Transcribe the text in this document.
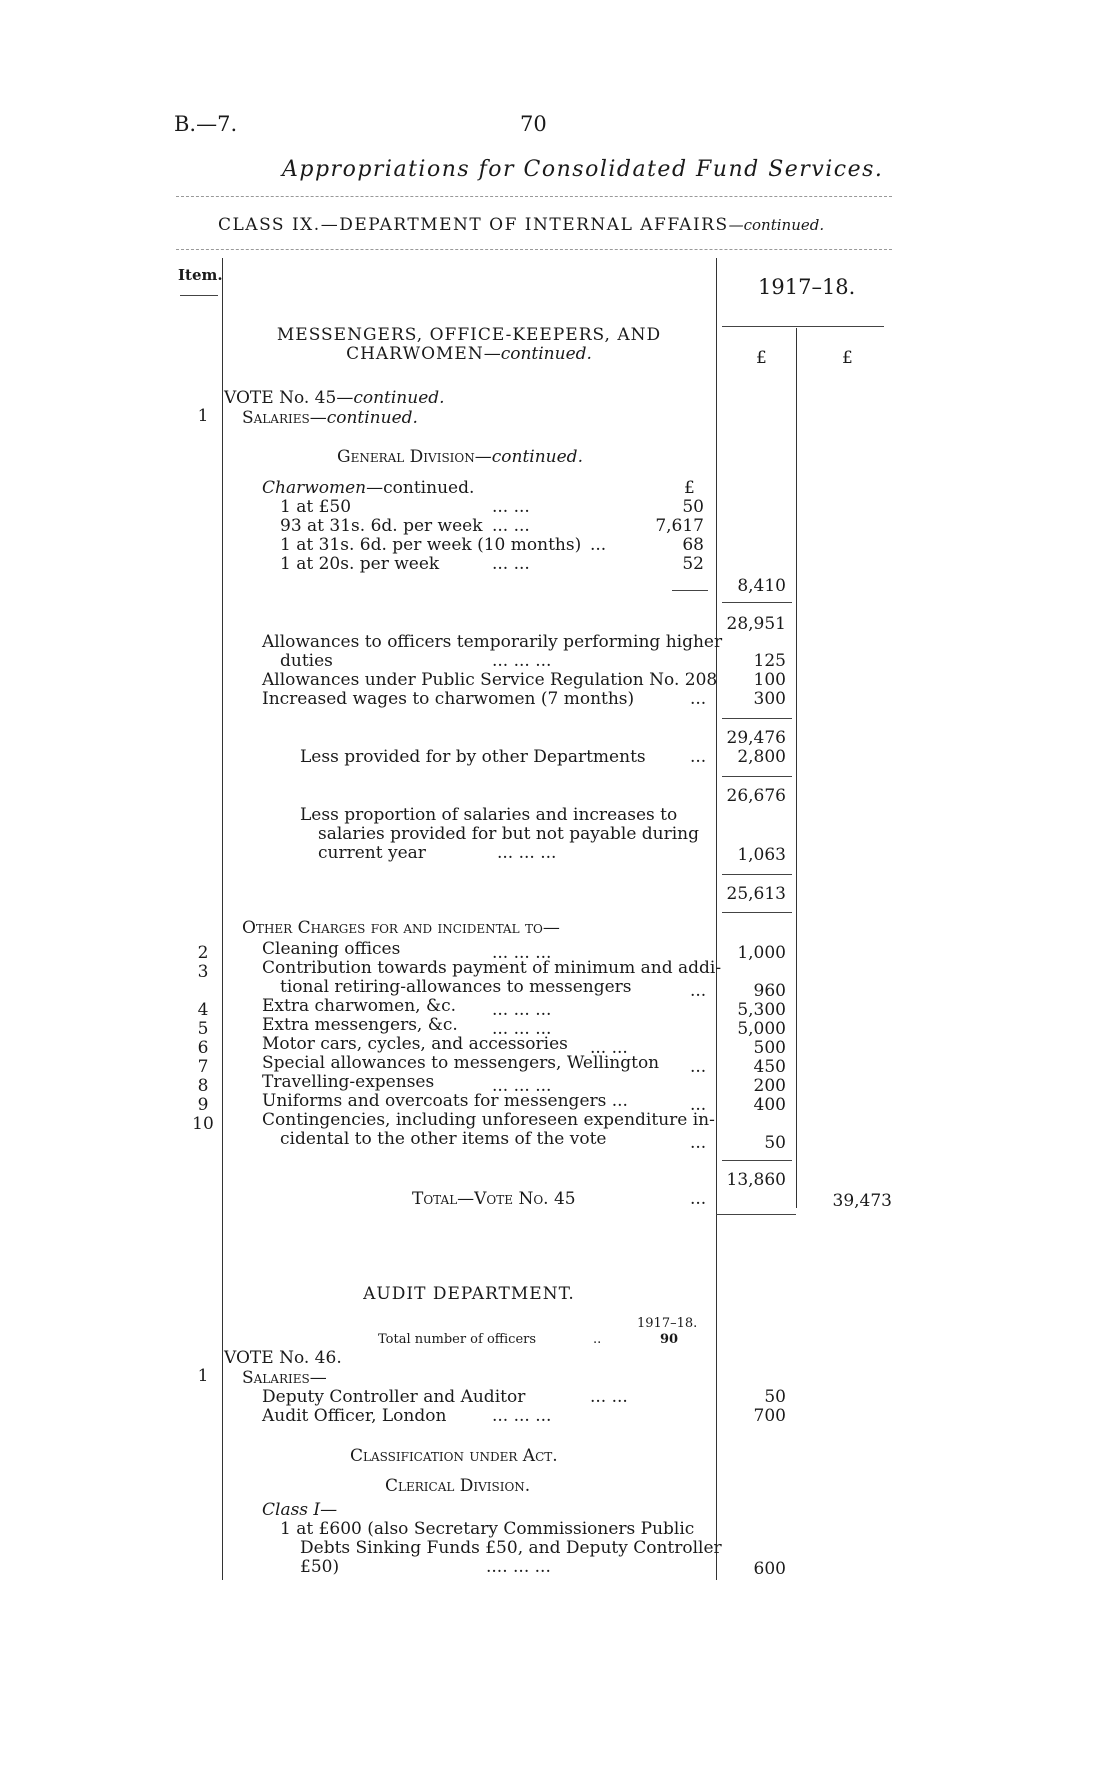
B.—7.	70
Appropriations for Consolidated Fund Services.
CLASS IX.—DEPARTMENT OF INTERNAL AFFAIRS—continued.
Item.	1917–18.
£	£
MESSENGERS, OFFICE-KEEPERS, AND
CHARWOMEN—continued.
VOTE No. 45—continued.
1	Salaries—continued.
General Division—continued.
Charwomen—continued.	£
1 at £50	... ...	50
93 at 31s. 6d. per week ... ...	7,617
1 at 31s. 6d. per week (10 months) ...	68
1 at 20s. per week	... ...	52
8,410
28,951
Allowances to officers temporarily performing higher
duties	... ... ...	125
Allowances under Public Service Regulation No. 208	100
Increased wages to charwomen (7 months)	...	300
29,476
Less provided for by other Departments	...	2,800
26,676
Less proportion of salaries and increases to
salaries provided for but not payable during
current year	... ... ...	1,063
25,613
Other Charges for and incidental to—
2	Cleaning offices	... ... ...	1,000
3	Contribution towards payment of minimum and addi-
tional retiring-allowances to messengers	...	960
4	Extra charwomen, &c. ... ... ...	5,300
5	Extra messengers, &c. ... ... ...	5,000
6	Motor cars, cycles, and accessories ... ...	500
7	Special allowances to messengers, Wellington ...	450
8	Travelling-expenses	... ... ...	200
9	Uniforms and overcoats for messengers ...	...	400
10	Contingencies, including unforeseen expenditure in-
cidental to the other items of the vote	...	50
13,860
Total—Vote No. 45	...	39,473
AUDIT DEPARTMENT.
1917–18.
Total number of officers	..	90
VOTE No. 46.
1	Salaries—
Deputy Controller and Auditor	... ...	50
Audit Officer, London	... ... ...	700
Classification under Act.
Clerical Division.
Class I—
1 at £600 (also Secretary Commissioners Public
Debts Sinking Funds £50, and Deputy Controller
£50)	.... ... ...	600
